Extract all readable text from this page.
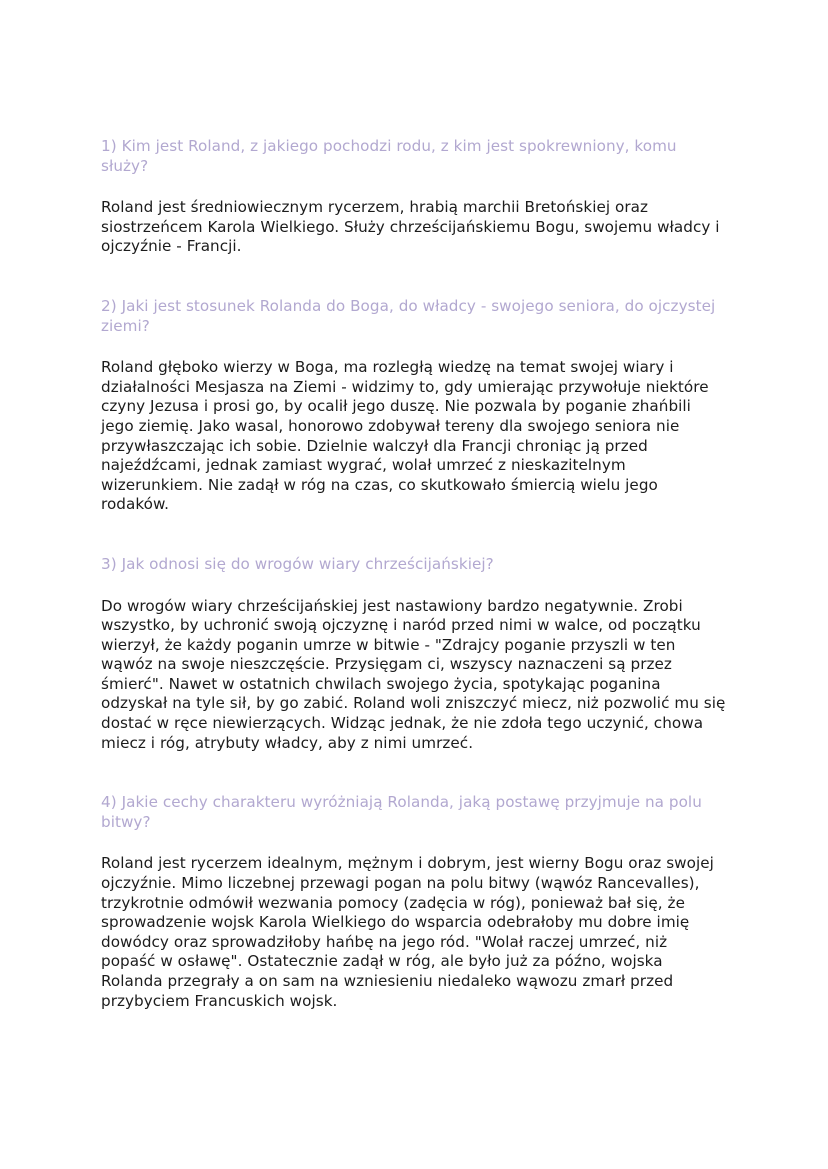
1) Kim jest Roland, z jakiego pochodzi rodu, z kim jest spokrewniony, komu służy?

Roland jest średniowiecznym rycerzem, hrabią marchii Bretońskiej oraz siostrzeńcem Karola Wielkiego. Służy chrześcijańskiemu Bogu, swojemu władcy i ojczyźnie - Francji.

2) Jaki jest stosunek Rolanda do Boga, do władcy - swojego seniora, do ojczystej ziemi?

Roland głęboko wierzy w Boga, ma rozległą wiedzę na temat swojej wiary i działalności Mesjasza na Ziemi - widzimy to, gdy umierając przywołuje niektóre czyny Jezusa i prosi go, by ocalił jego duszę. Nie pozwala by poganie zhańbili jego ziemię. Jako wasal, honorowo zdobywał tereny dla swojego seniora nie przywłaszczając ich sobie. Dzielnie walczył dla Francji chroniąc ją przed najeźdźcami, jednak zamiast wygrać, wolał umrzeć z nieskazitelnym wizerunkiem. Nie zadął w róg na czas, co skutkowało śmiercią wielu jego rodaków.

3) Jak odnosi się do wrogów wiary chrześcijańskiej?

Do wrogów wiary chrześcijańskiej jest nastawiony bardzo negatywnie. Zrobi wszystko, by uchronić swoją ojczyznę i naród przed nimi w walce, od początku wierzył, że każdy poganin umrze w bitwie - "Zdrajcy poganie przyszli w ten wąwóz na swoje nieszczęście. Przysięgam ci, wszyscy naznaczeni są przez śmierć". Nawet w ostatnich chwilach swojego życia, spotykając poganina odzyskał na tyle sił, by go zabić. Roland woli zniszczyć miecz, niż pozwolić mu się dostać w ręce niewierzących. Widząc jednak, że nie zdoła tego uczynić, chowa miecz i róg, atrybuty władcy, aby z nimi umrzeć.

4) Jakie cechy charakteru wyróżniają Rolanda, jaką postawę przyjmuje na polu bitwy?

Roland jest rycerzem idealnym, mężnym i dobrym, jest wierny Bogu oraz swojej ojczyźnie. Mimo liczebnej przewagi pogan na polu bitwy (wąwóz Rancevalles), trzykrotnie odmówił wezwania pomocy (zadęcia w róg), ponieważ bał się, że sprowadzenie wojsk Karola Wielkiego do wsparcia odebrałoby mu dobre imię dowódcy oraz sprowadziłoby hańbę na jego ród. "Wolał raczej umrzeć, niż popaść w osławę". Ostatecznie zadął w róg, ale było już za późno, wojska Rolanda przegrały a on sam na wzniesieniu niedaleko wąwozu zmarł przed przybyciem Francuskich wojsk.
